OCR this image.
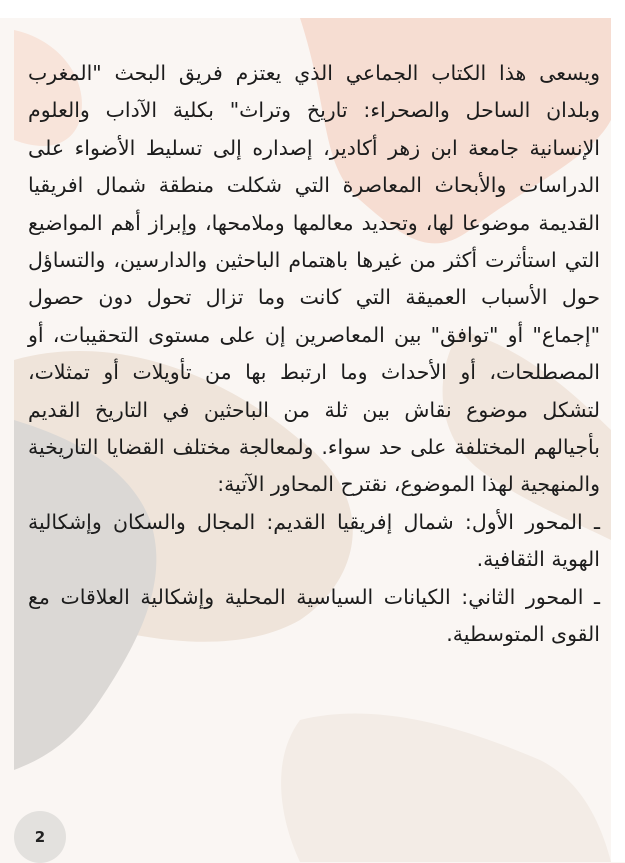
ويسعى هذا الكتاب الجماعي الذي يعتزم فريق البحث "المغرب وبلدان الساحل والصحراء: تاريخ وتراث" بكلية الآداب والعلوم الإنسانية جامعة ابن زهر أكادير، إصداره إلى تسليط الأضواء على الدراسات والأبحاث المعاصرة التي شكلت منطقة شمال افريقيا القديمة موضوعا لها، وتحديد معالمها وملامحها، وإبراز أهم المواضيع التي استأثرت أكثر من غيرها باهتمام الباحثين والدارسين، والتساؤل حول الأسباب العميقة التي كانت وما تزال تحول دون حصول "إجماع" أو "توافق" بين المعاصرين إن على مستوى التحقيبات، أو المصطلحات، أو الأحداث وما ارتبط بها من تأويلات أو تمثلات، لتشكل موضوع نقاش بين ثلة من الباحثين في التاريخ القديم بأجيالهم المختلفة على حد سواء. ولمعالجة مختلف القضايا التاريخية والمنهجية لهذا الموضوع، نقترح المحاور الآتية:

ـ المحور الأول: شمال إفريقيا القديم: المجال والسكان وإشكالية الهوية الثقافية.

ـ المحور الثاني: الكيانات السياسية المحلية وإشكالية العلاقات مع القوى المتوسطية.

2
